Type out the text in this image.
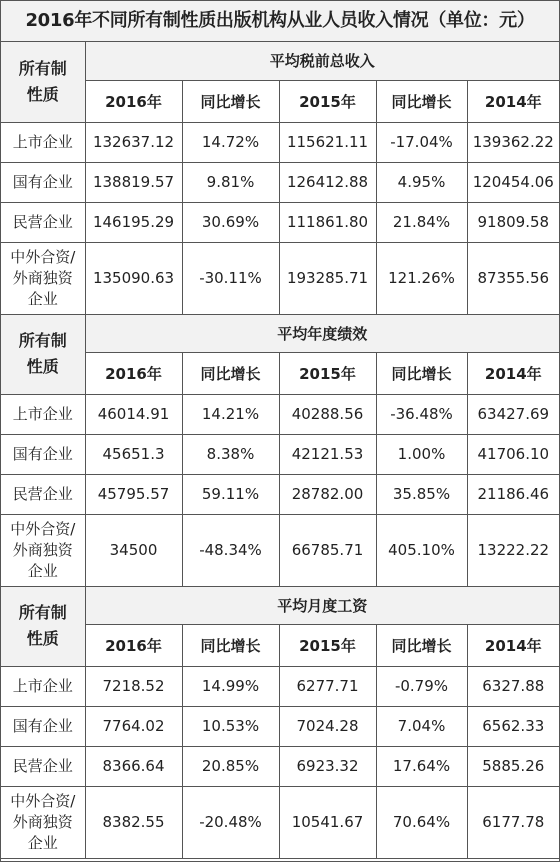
2016年不同所有制性质出版机构从业人员收入情况（单位：元）
所有制
性质	平均税前总收入				
	2016年	同比增长	2015年	同比增长	2014年
上市企业	132637.12	14.72%	115621.11	-17.04%	139362.22
国有企业	138819.57	9.81%	126412.88	4.95%	120454.06
民营企业	146195.29	30.69%	111861.80	21.84%	91809.58
中外合资/
外商独资
企业	135090.63	-30.11%	193285.71	121.26%	87355.56
所有制
性质	平均年度绩效				
	2016年	同比增长	2015年	同比增长	2014年
上市企业	46014.91	14.21%	40288.56	-36.48%	63427.69
国有企业	45651.3	8.38%	42121.53	1.00%	41706.10
民营企业	45795.57	59.11%	28782.00	35.85%	21186.46
中外合资/
外商独资
企业	34500	-48.34%	66785.71	405.10%	13222.22
所有制
性质	平均月度工资				
	2016年	同比增长	2015年	同比增长	2014年
上市企业	7218.52	14.99%	6277.71	-0.79%	6327.88
国有企业	7764.02	10.53%	7024.28	7.04%	6562.33
民营企业	8366.64	20.85%	6923.32	17.64%	5885.26
中外合资/
外商独资
企业	8382.55	-20.48%	10541.67	70.64%	6177.78
